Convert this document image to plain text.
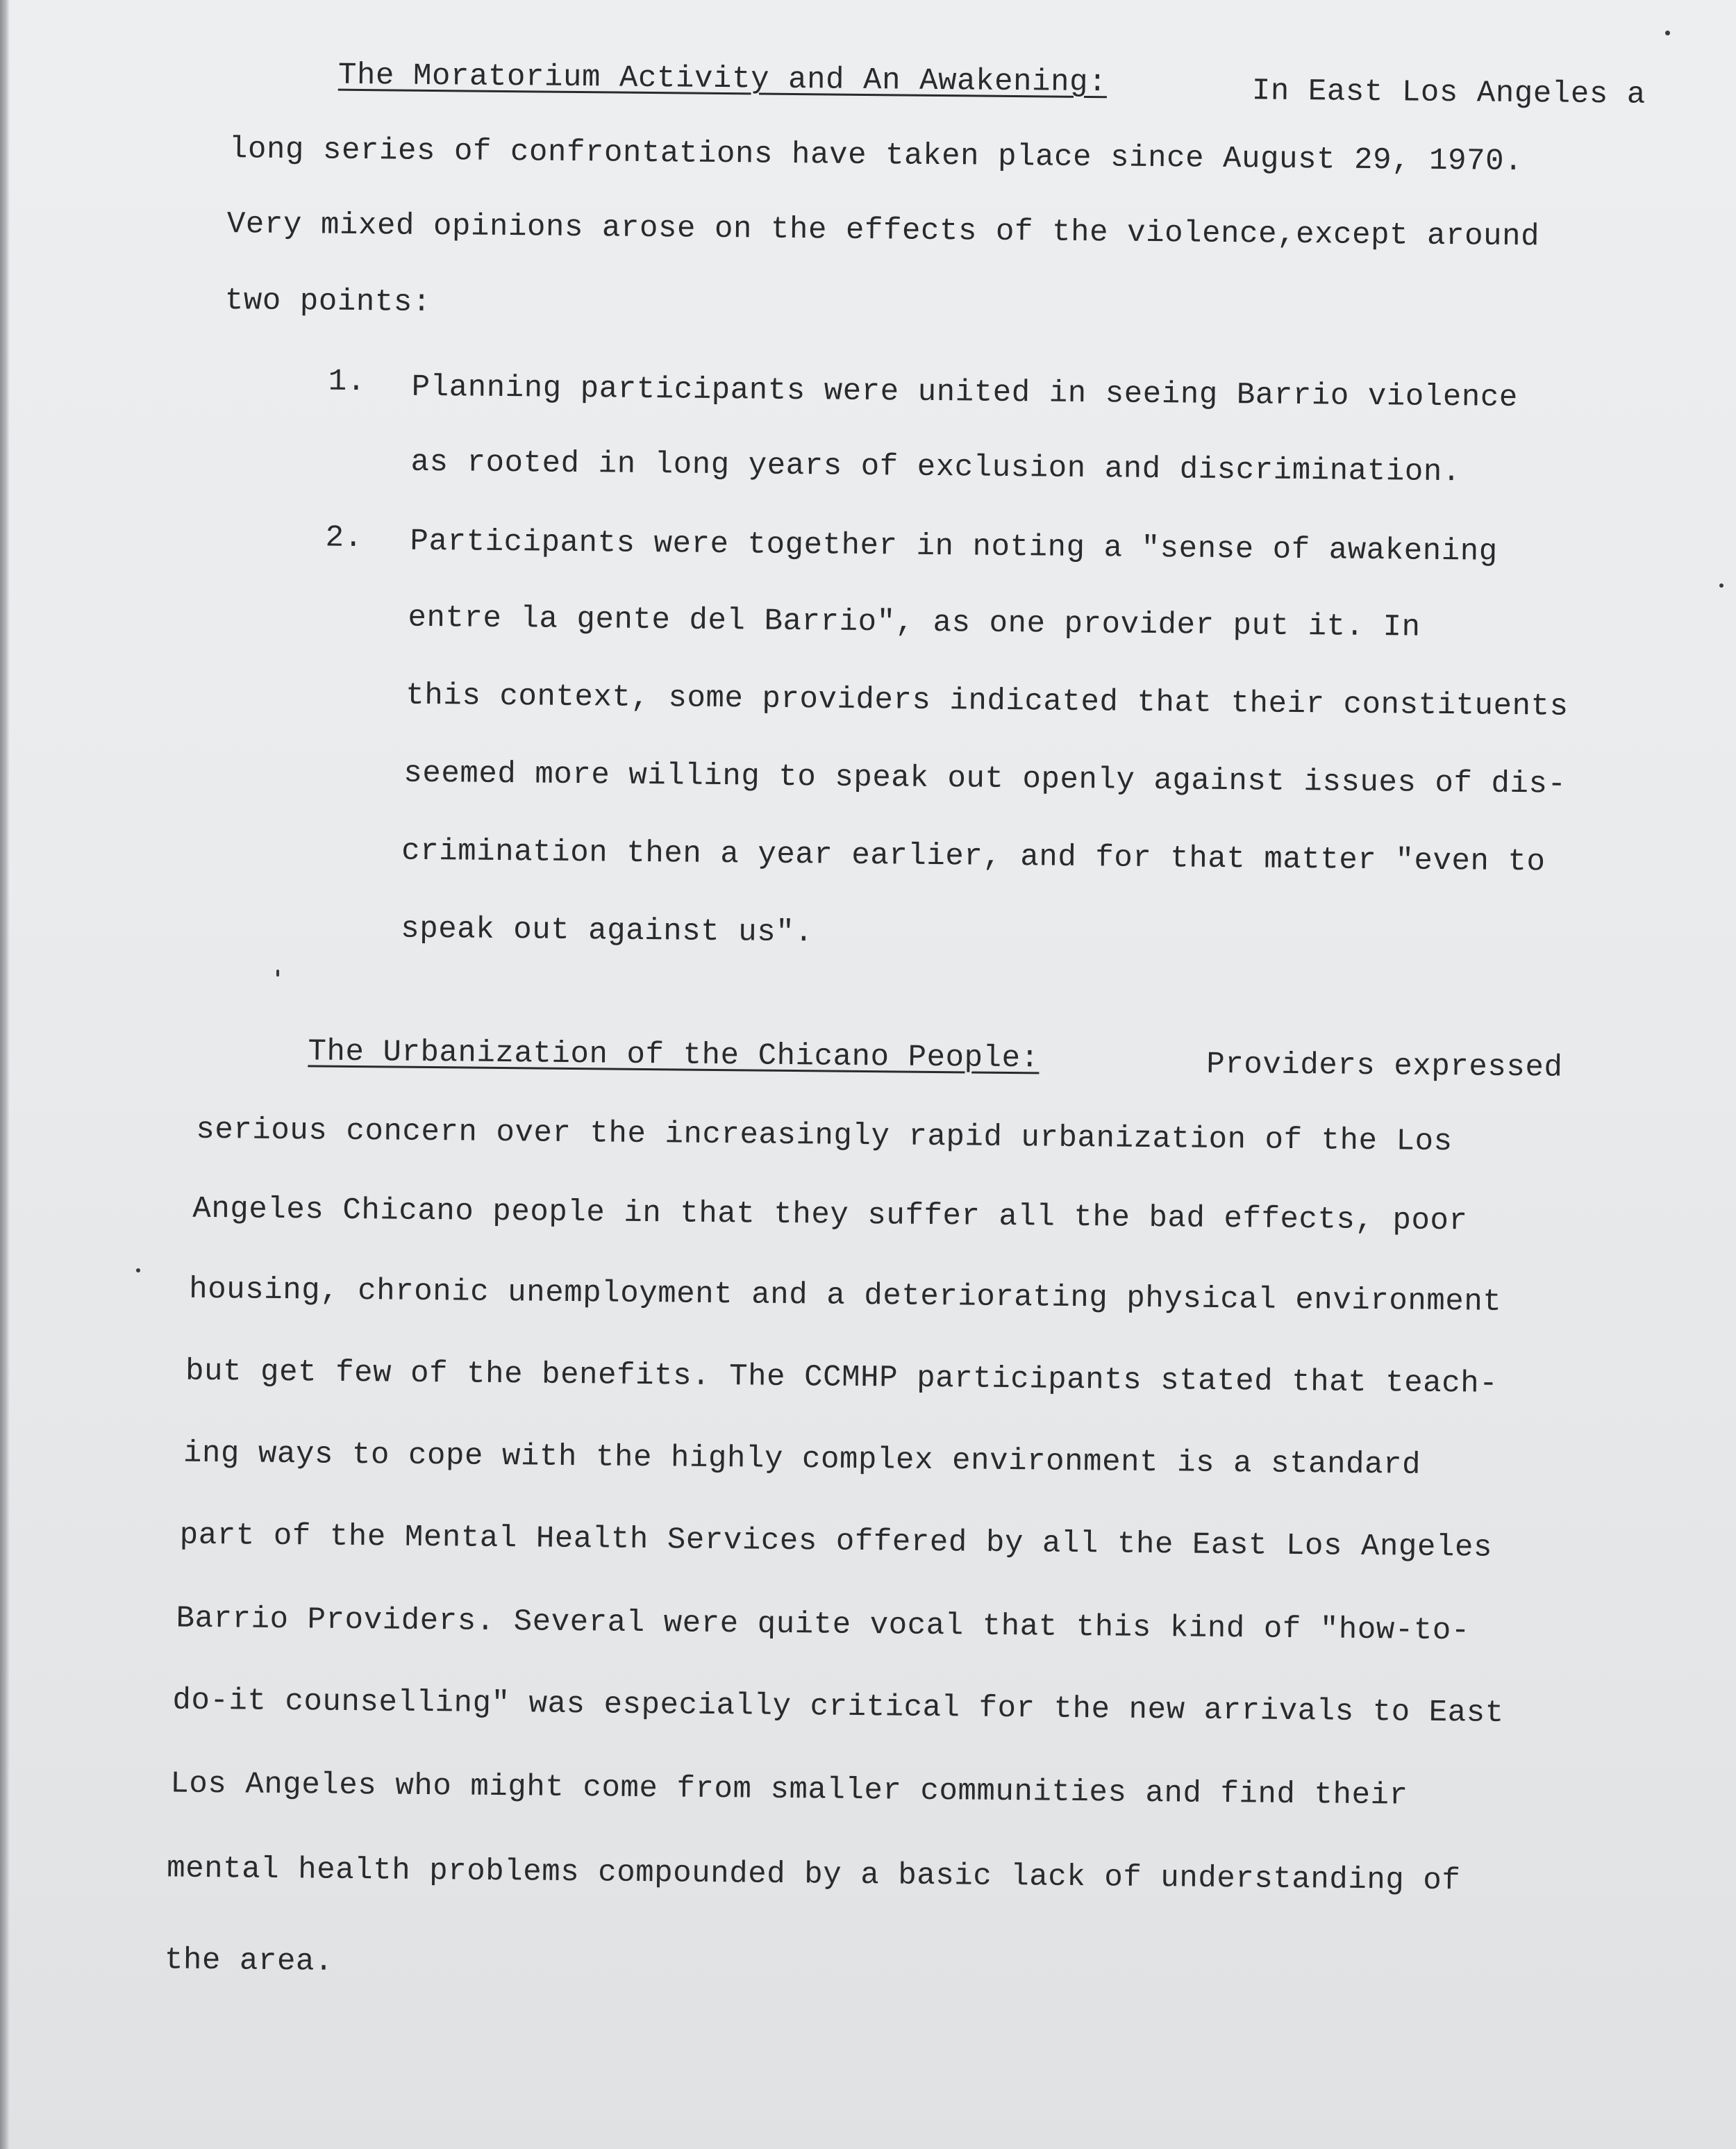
The Moratorium Activity and An Awakening:	In East Los Angeles a
long series of confrontations have taken place since August 29, 1970.
Very mixed opinions arose on the effects of the violence,except around
two points:
1. Planning participants were united in seeing Barrio violence
as rooted in long years of exclusion and discrimination.
2. Participants were together in noting a "sense of awakening
entre la gente del Barrio", as one provider put it. In
this context, some providers indicated that their constituents
seemed more willing to speak out openly against issues of dis-
crimination then a year earlier, and for that matter "even to
speak out against us".
The Urbanization of the Chicano People:	Providers expressed
serious concern over the increasingly rapid urbanization of the Los
Angeles Chicano people in that they suffer all the bad effects, poor
housing, chronic unemployment and a deteriorating physical environment
but get few of the benefits. The CCMHP participants stated that teach-
ing ways to cope with the highly complex environment is a standard
part of the Mental Health Services offered by all the East Los Angeles
Barrio Providers. Several were quite vocal that this kind of "how-to-
do-it counselling" was especially critical for the new arrivals to East
Los Angeles who might come from smaller communities and find their
mental health problems compounded by a basic lack of understanding of
the area.
